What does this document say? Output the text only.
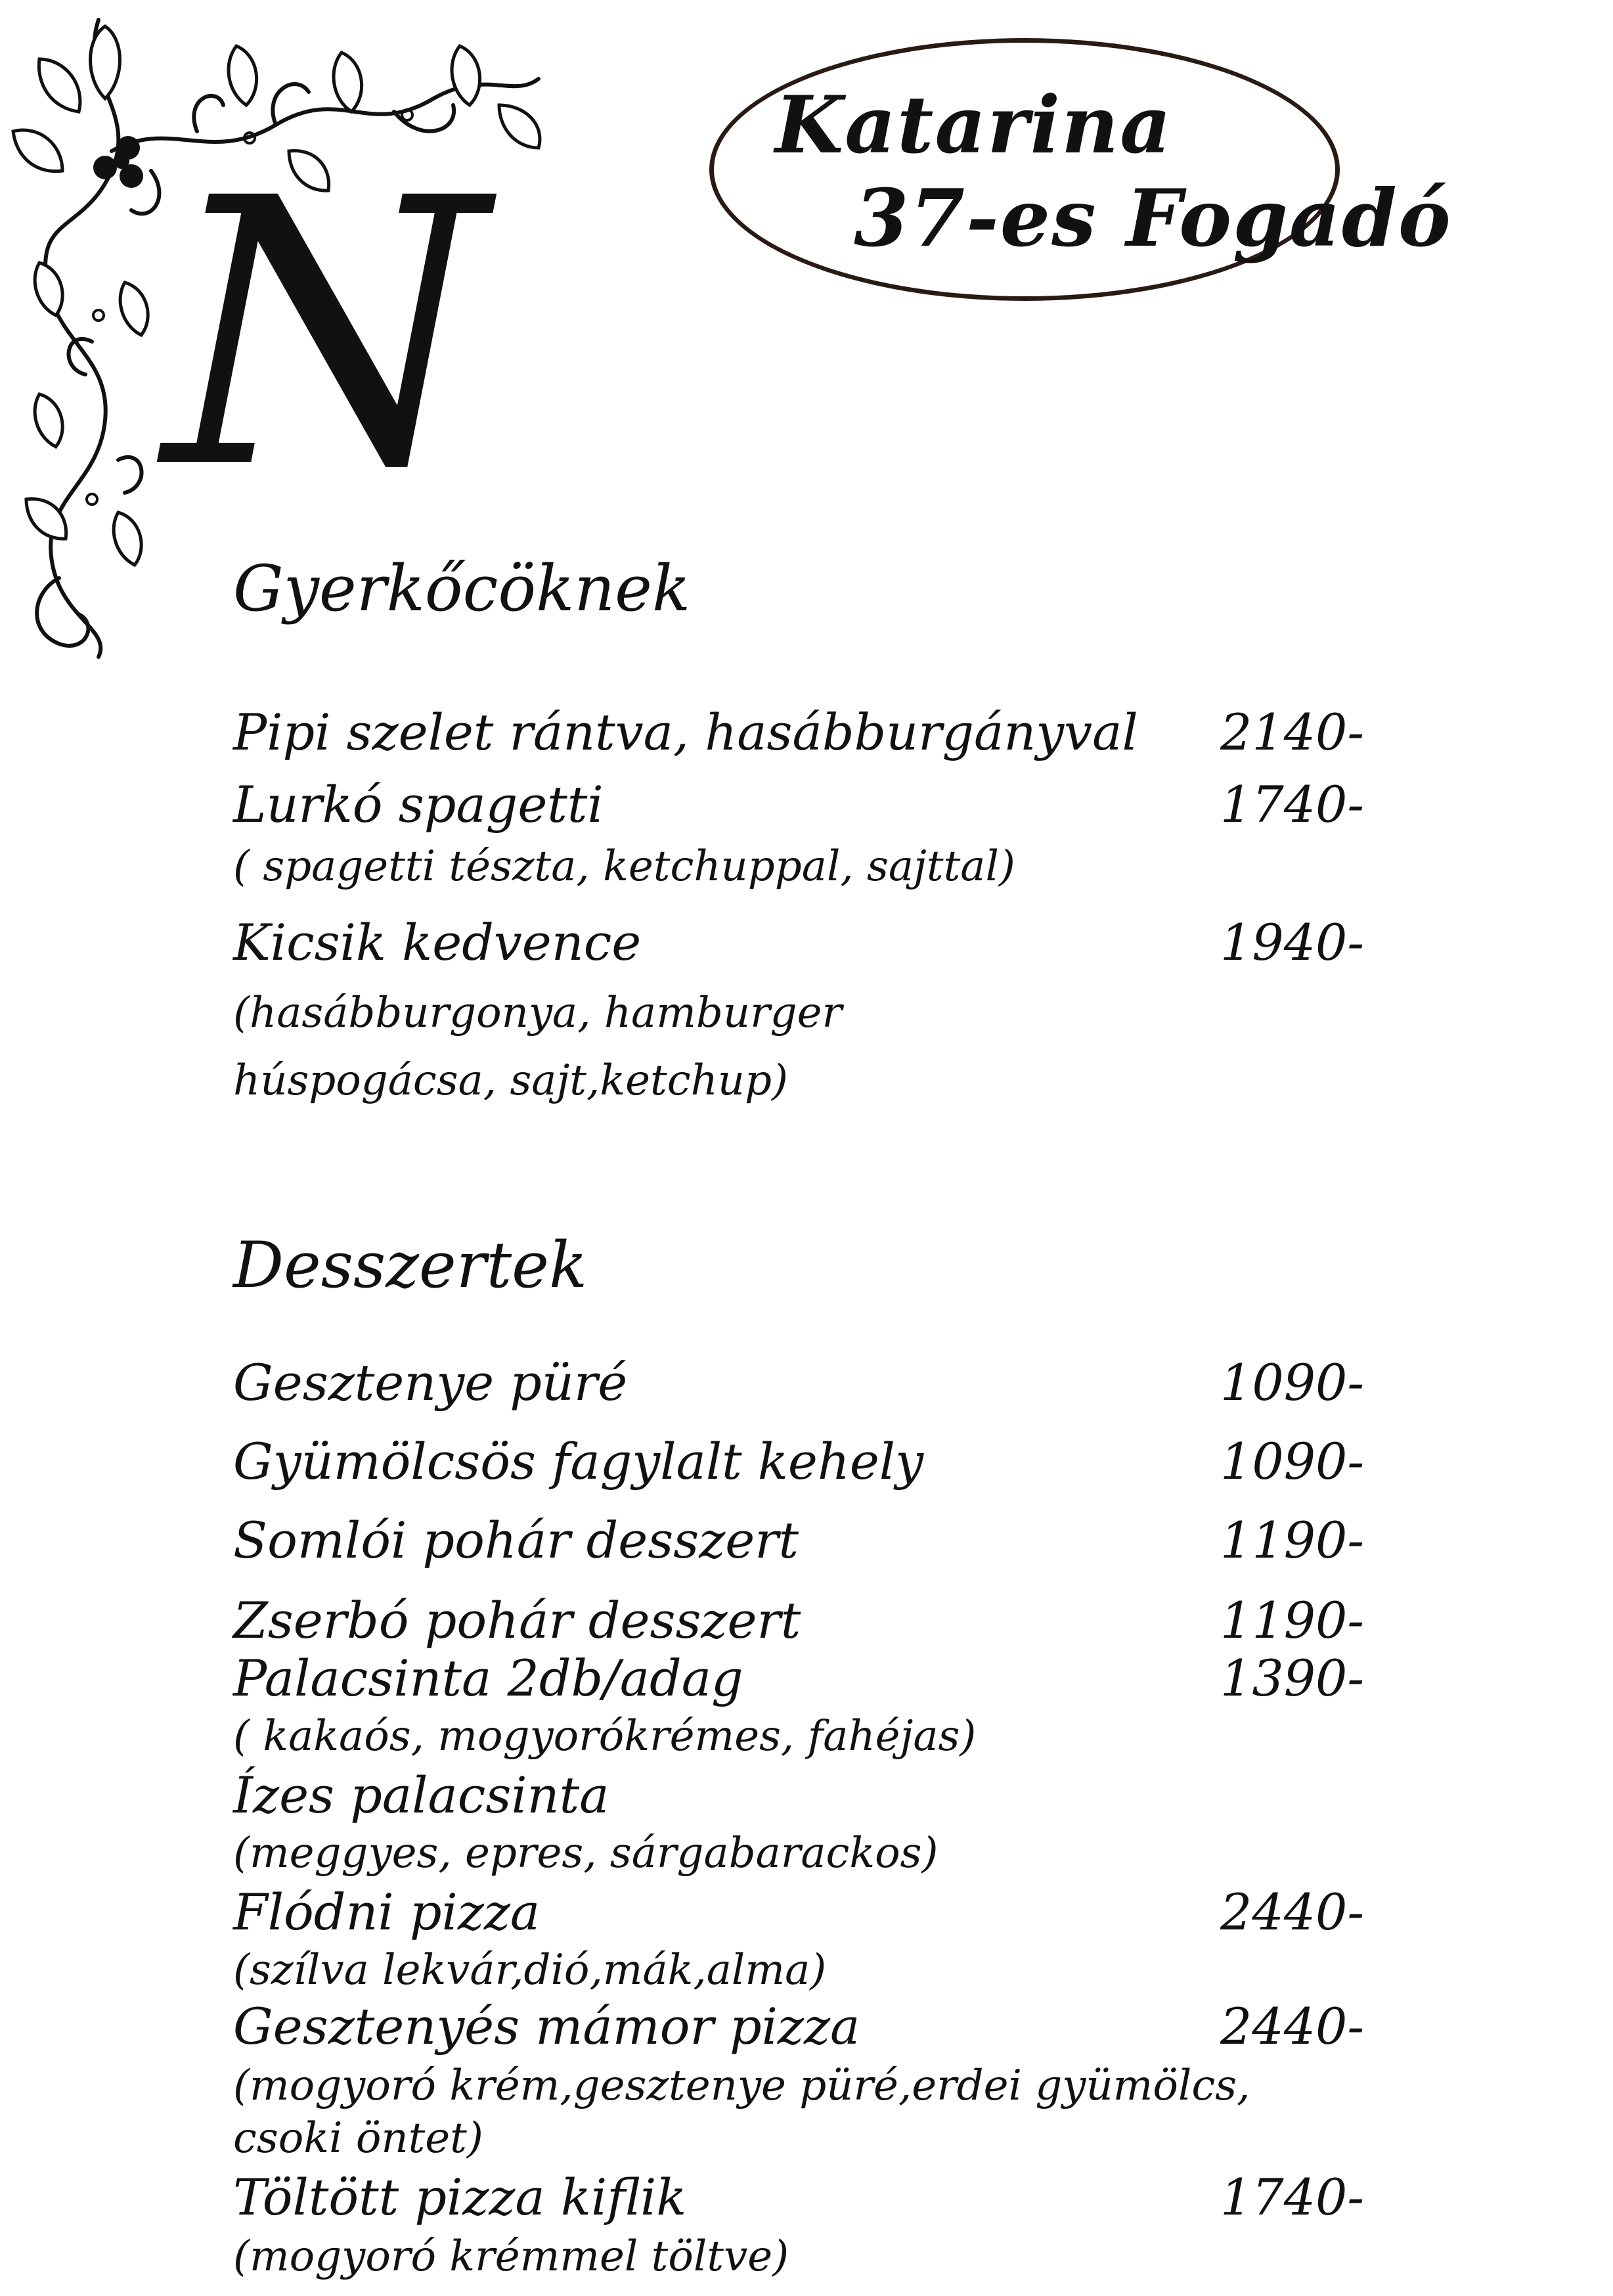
N	Katarina
37-es Fogadó
Gyerkőcöknek
Pipi szelet rántva, hasábburgányval 2140-
Lurkó spagetti	1740-
( spagetti tészta, ketchuppal, sajttal)
Kicsik kedvence	1940-
(hasábburgonya, hamburger
húspogácsa, sajt,ketchup)
Desszertek
Gesztenye püré	1090-
Gyümölcsös fagylalt kehely	1090-
Somlói pohár desszert	1190-
Zserbó pohár desszert	1190-
Palacsinta 2db/adag	1390-
( kakaós, mogyorókrémes, fahéjas)
Ízes palacsinta
(meggyes, epres, sárgabarackos)
Flódni pizza	2440-
(szílva lekvár,dió,mák,alma)
Gesztenyés mámor pizza	2440-
(mogyoró krém,gesztenye püré,erdei gyümölcs,
csoki öntet)
Töltött pizza kiflik	1740-
(mogyoró krémmel töltve)
